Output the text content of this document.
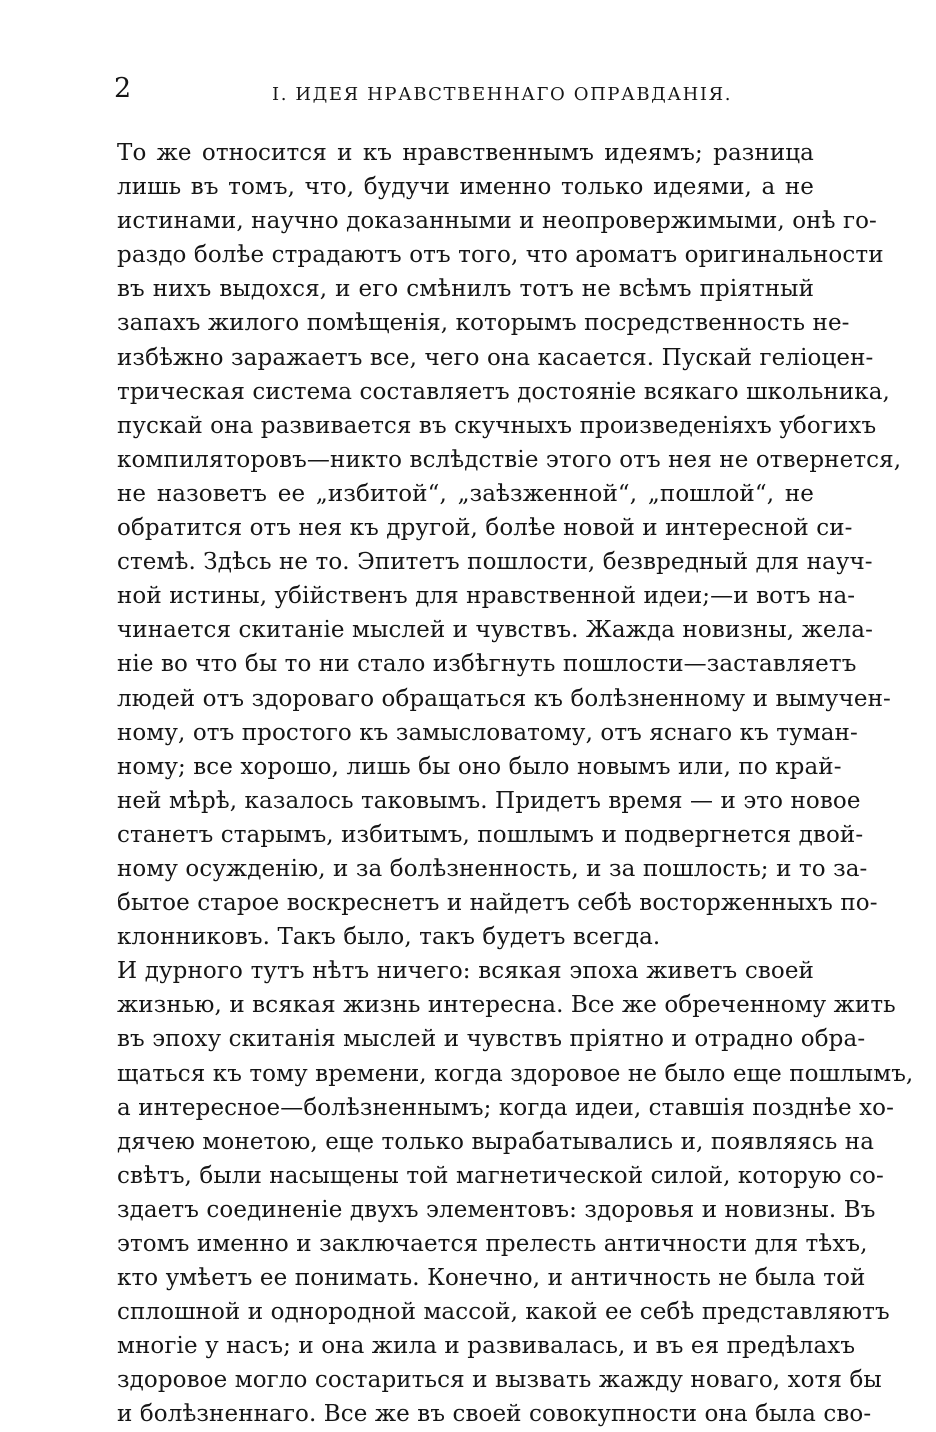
2	I. ИДЕЯ НРАВСТВЕННАГО ОПРАВДАНІЯ.
То же относится и къ нравственнымъ идеямъ; разница
лишь въ томъ, что, будучи именно только идеями, а не
истинами, научно доказанными и неопровержимыми, онѣ го-
раздо болѣе страдаютъ отъ того, что ароматъ оригинальности
въ нихъ выдохся, и его смѣнилъ тотъ не всѣмъ пріятный
запахъ жилого помѣщенія, которымъ посредственность не-
избѣжно заражаетъ все, чего она касается. Пускай геліоцен-
трическая система составляетъ достояніе всякаго школьника,
пускай она развивается въ скучныхъ произведеніяхъ убогихъ
компиляторовъ—никто вслѣдствіе этого отъ нея не отвернется,
не назоветъ ее „избитой“, „заѣзженной“, „пошлой“, не
обратится отъ нея къ другой, болѣе новой и интересной си-
стемѣ. Здѣсь не то. Эпитетъ пошлости, безвредный для науч-
ной истины, убійственъ для нравственной идеи;—и вотъ на-
чинается скитаніе мыслей и чувствъ. Жажда новизны, жела-
ніе во что бы то ни стало избѣгнуть пошлости—заставляетъ
людей отъ здороваго обращаться къ болѣзненному и вымучен-
ному, отъ простого къ замысловатому, отъ яснаго къ туман-
ному; все хорошо, лишь бы оно было новымъ или, по край-
ней мѣрѣ, казалось таковымъ. Придетъ время — и это новое
станетъ старымъ, избитымъ, пошлымъ и подвергнется двой-
ному осужденію, и за болѣзненность, и за пошлость; и то за-
бытое старое воскреснетъ и найдетъ себѣ восторженныхъ по-
клонниковъ. Такъ было, такъ будетъ всегда.
И дурного тутъ нѣтъ ничего: всякая эпоха живетъ своей
жизнью, и всякая жизнь интересна. Все же обреченному жить
въ эпоху скитанія мыслей и чувствъ пріятно и отрадно обра-
щаться къ тому времени, когда здоровое не было еще пошлымъ,
а интересное—болѣзненнымъ; когда идеи, ставшія позднѣе хо-
дячею монетою, еще только вырабатывались и, появляясь на
свѣтъ, были насыщены той магнетической силой, которую со-
здаетъ соединеніе двухъ элементовъ: здоровья и новизны. Въ
этомъ именно и заключается прелесть античности для тѣхъ,
кто умѣетъ ее понимать. Конечно, и античность не была той
сплошной и однородной массой, какой ее себѣ представляютъ
многіе у насъ; и она жила и развивалась, и въ ея предѣлахъ
здоровое могло состариться и вызвать жажду новаго, хотя бы
и болѣзненнаго. Все же въ своей совокупности она была сво-
